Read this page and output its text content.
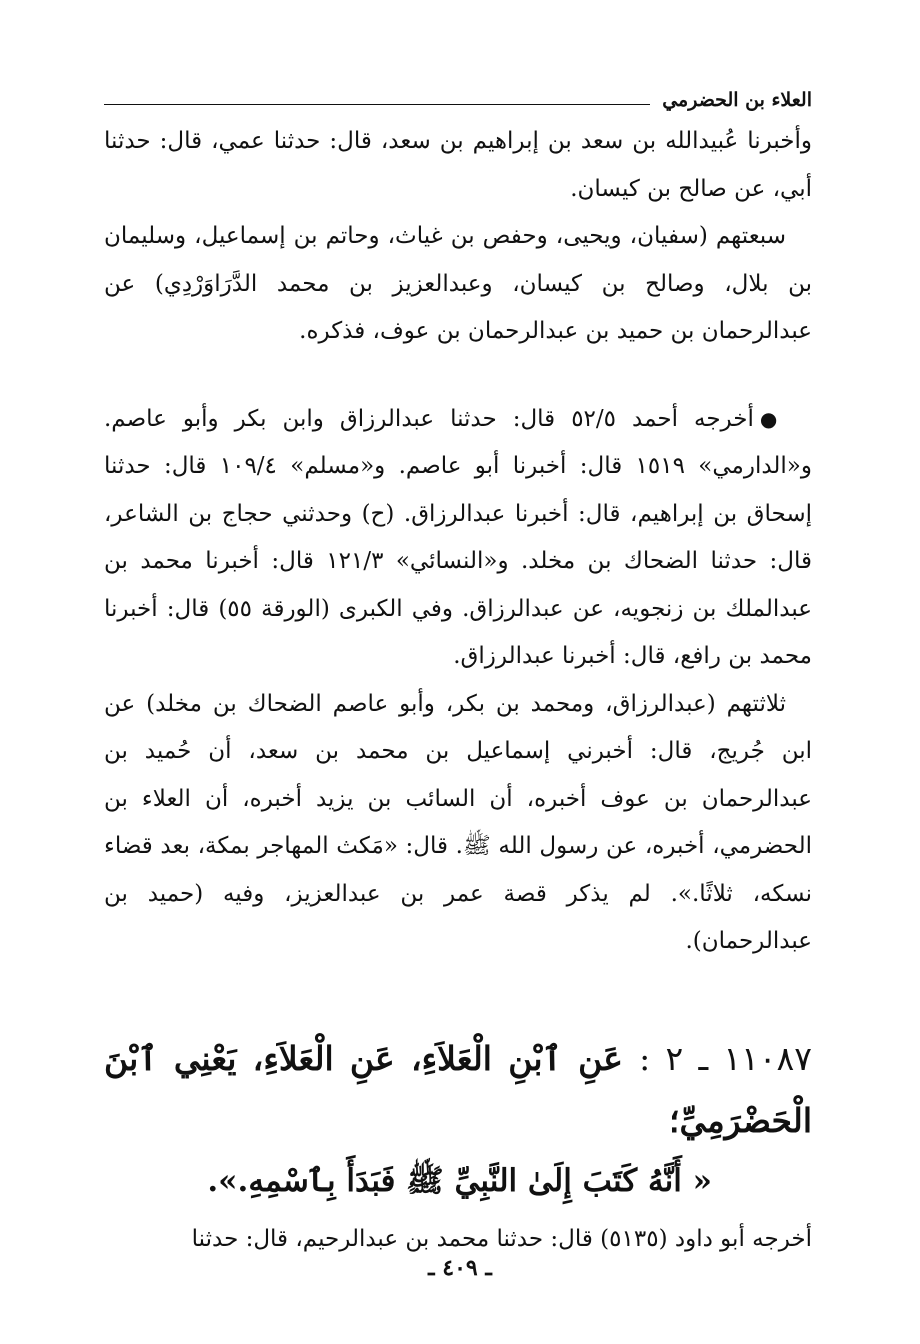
العلاء بن الحضرمي

وأخبرنا عُبيدالله بن سعد بن إبراهيم بن سعد، قال: حدثنا عمي، قال: حدثنا أبي، عن صالح بن كيسان.

سبعتهم (سفيان، ويحيى، وحفص بن غياث، وحاتم بن إسماعيل، وسليمان بن بلال، وصالح بن كيسان، وعبدالعزيز بن محمد الدَّرَاوَرْدِي) عن عبدالرحمان بن حميد بن عبدالرحمان بن عوف، فذكره.

●أخرجه أحمد ٥٢/٥ قال: حدثنا عبدالرزاق وابن بكر وأبو عاصم. و«الدارمي» ١٥١٩ قال: أخبرنا أبو عاصم. و«مسلم» ١٠٩/٤ قال: حدثنا إسحاق بن إبراهيم، قال: أخبرنا عبدالرزاق. (ح) وحدثني حجاج بن الشاعر، قال: حدثنا الضحاك بن مخلد. و«النسائي» ١٢١/٣ قال: أخبرنا محمد بن عبدالملك بن زنجويه، عن عبدالرزاق. وفي الكبرى (الورقة ٥٥) قال: أخبرنا محمد بن رافع، قال: أخبرنا عبدالرزاق.

ثلاثتهم (عبدالرزاق، ومحمد بن بكر، وأبو عاصم الضحاك بن مخلد) عن ابن جُريج، قال: أخبرني إسماعيل بن محمد بن سعد، أن حُميد بن عبدالرحمان بن عوف أخبره، أن السائب بن يزيد أخبره، أن العلاء بن الحضرمي، أخبره، عن رسول الله ﷺ. قال: «مَكث المهاجر بمكة، بعد قضاء نسكه، ثلاثًا.». لم يذكر قصة عمر بن عبدالعزيز، وفيه (حميد بن عبدالرحمان).

١١٠٨٧ ـ ٢ : عَنِ ٱبْنِ الْعَلاَءِ، عَنِ الْعَلاَءِ، يَعْنِي ٱبْنَ الْحَضْرَمِيِّ؛

« أَنَّهُ كَتَبَ إِلَىٰ النَّبِيِّ ﷺ فَبَدَأَ بِٱسْمِهِ.».

أخرجه أبو داود (٥١٣٥) قال: حدثنا محمد بن عبدالرحيم، قال: حدثنا

ـ ٤٠٩ ـ
